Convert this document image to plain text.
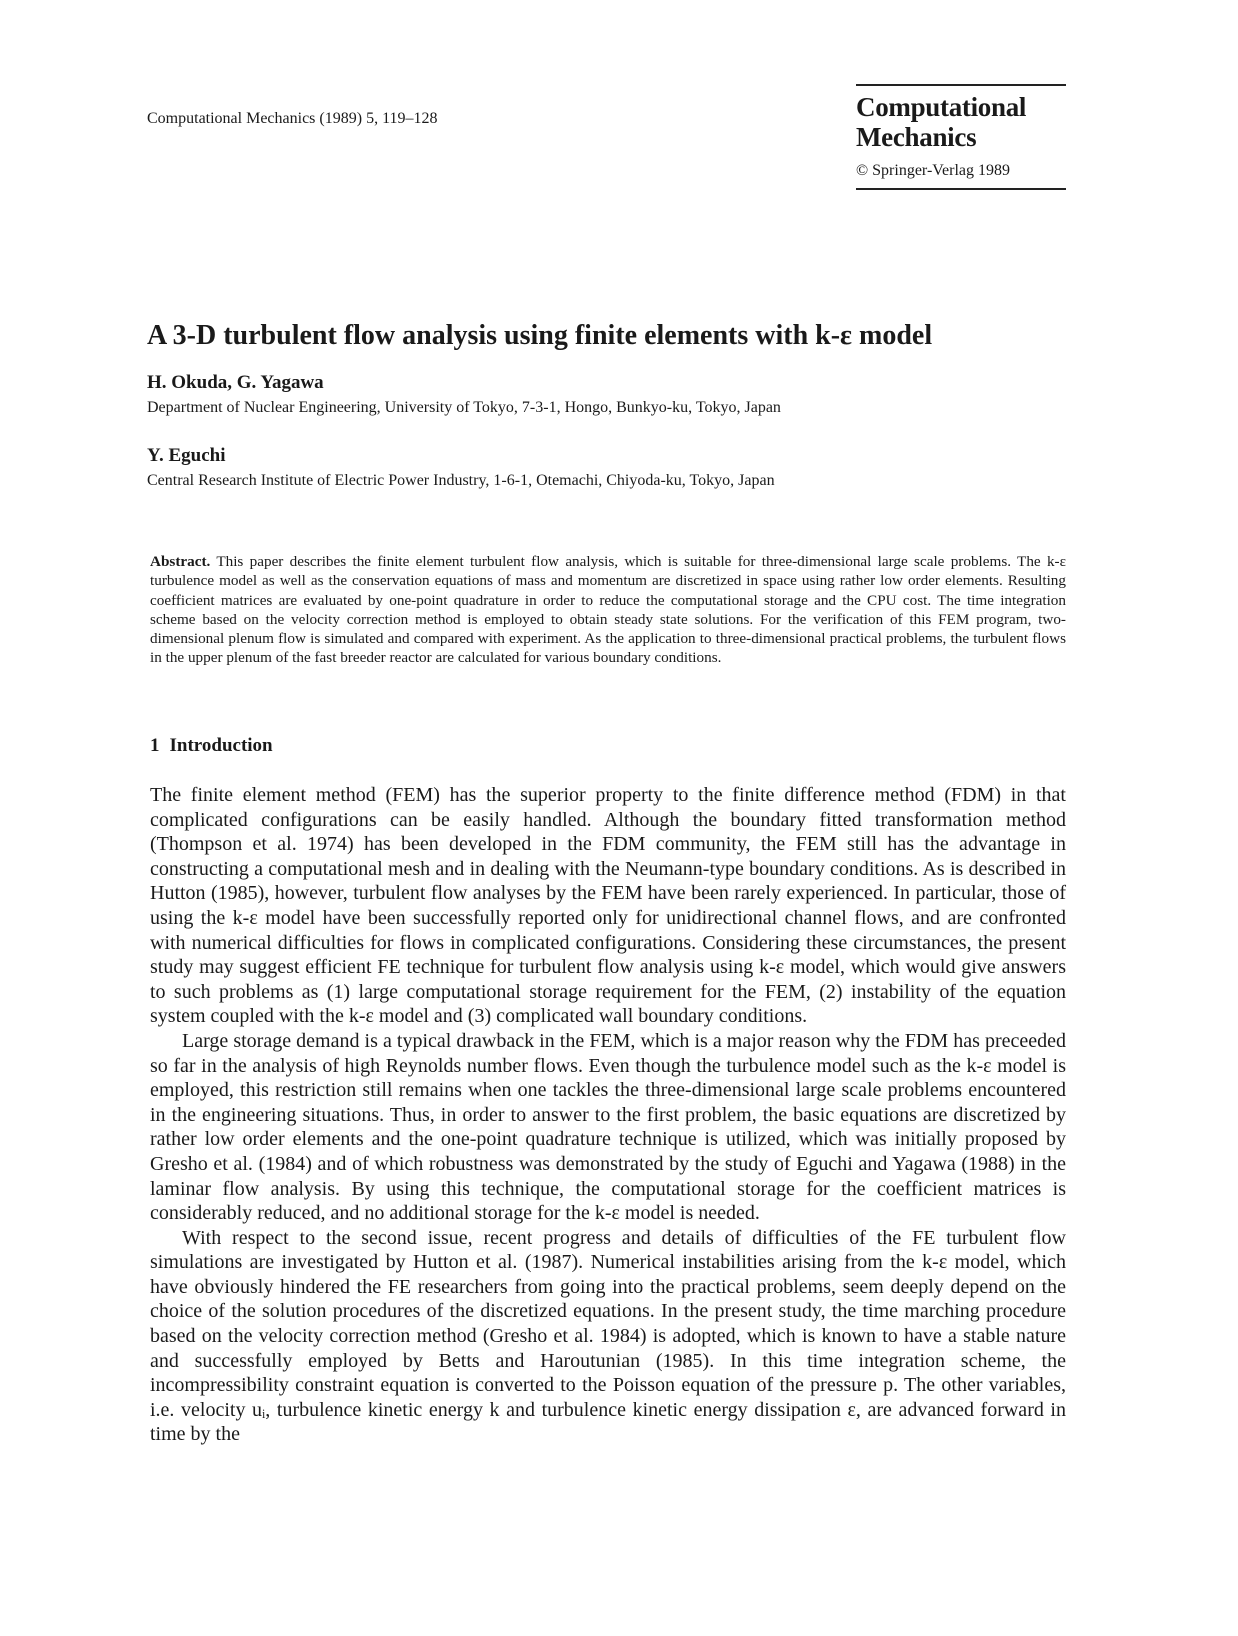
Computational Mechanics (1989) 5, 119–128	Computational
Mechanics
© Springer-Verlag 1989
A 3-D turbulent flow analysis using finite elements with k-ε model
H. Okuda, G. Yagawa
Department of Nuclear Engineering, University of Tokyo, 7-3-1, Hongo, Bunkyo-ku, Tokyo, Japan
Y. Eguchi
Central Research Institute of Electric Power Industry, 1-6-1, Otemachi, Chiyoda-ku, Tokyo, Japan
Abstract. This paper describes the finite element turbulent flow analysis, which is suitable for three-dimensional large scale problems. The k-ε turbulence model as well as the conservation equations of mass and momentum are discretized in space using rather low order elements. Resulting coefficient matrices are evaluated by one-point quadrature in order to reduce the computational storage and the CPU cost. The time integration scheme based on the velocity correction method is employed to obtain steady state solutions. For the verification of this FEM program, two-dimensional plenum flow is simulated and compared with experiment. As the application to three-dimensional practical problems, the turbulent flows in the upper plenum of the fast breeder reactor are calculated for various boundary conditions.
1 Introduction

The finite element method (FEM) has the superior property to the finite difference method (FDM) in that complicated configurations can be easily handled. Although the boundary fitted transformation method (Thompson et al. 1974) has been developed in the FDM community, the FEM still has the advantage in constructing a computational mesh and in dealing with the Neumann-type boundary conditions. As is described in Hutton (1985), however, turbulent flow analyses by the FEM have been rarely experienced. In particular, those of using the k-ε model have been successfully reported only for unidirectional channel flows, and are confronted with numerical difficulties for flows in complicated configurations. Considering these circumstances, the present study may suggest efficient FE technique for turbulent flow analysis using k-ε model, which would give answers to such problems as (1) large computational storage requirement for the FEM, (2) instability of the equation system coupled with the k-ε model and (3) complicated wall boundary conditions.

Large storage demand is a typical drawback in the FEM, which is a major reason why the FDM has preceeded so far in the analysis of high Reynolds number flows. Even though the turbulence model such as the k-ε model is employed, this restriction still remains when one tackles the three-dimensional large scale problems encountered in the engineering situations. Thus, in order to answer to the first problem, the basic equations are discretized by rather low order elements and the one-point quadrature technique is utilized, which was initially proposed by Gresho et al. (1984) and of which robustness was demonstrated by the study of Eguchi and Yagawa (1988) in the laminar flow analysis. By using this technique, the computational storage for the coefficient matrices is considerably reduced, and no additional storage for the k-ε model is needed.

With respect to the second issue, recent progress and details of difficulties of the FE turbulent flow simulations are investigated by Hutton et al. (1987). Numerical instabilities arising from the k-ε model, which have obviously hindered the FE researchers from going into the practical problems, seem deeply depend on the choice of the solution procedures of the discretized equations. In the present study, the time marching procedure based on the velocity correction method (Gresho et al. 1984) is adopted, which is known to have a stable nature and successfully employed by Betts and Haroutunian (1985). In this time integration scheme, the incompressibility constraint equation is converted to the Poisson equation of the pressure p. The other variables, i.e. velocity uᵢ, turbulence kinetic energy k and turbulence kinetic energy dissipation ε, are advanced forward in time by the
